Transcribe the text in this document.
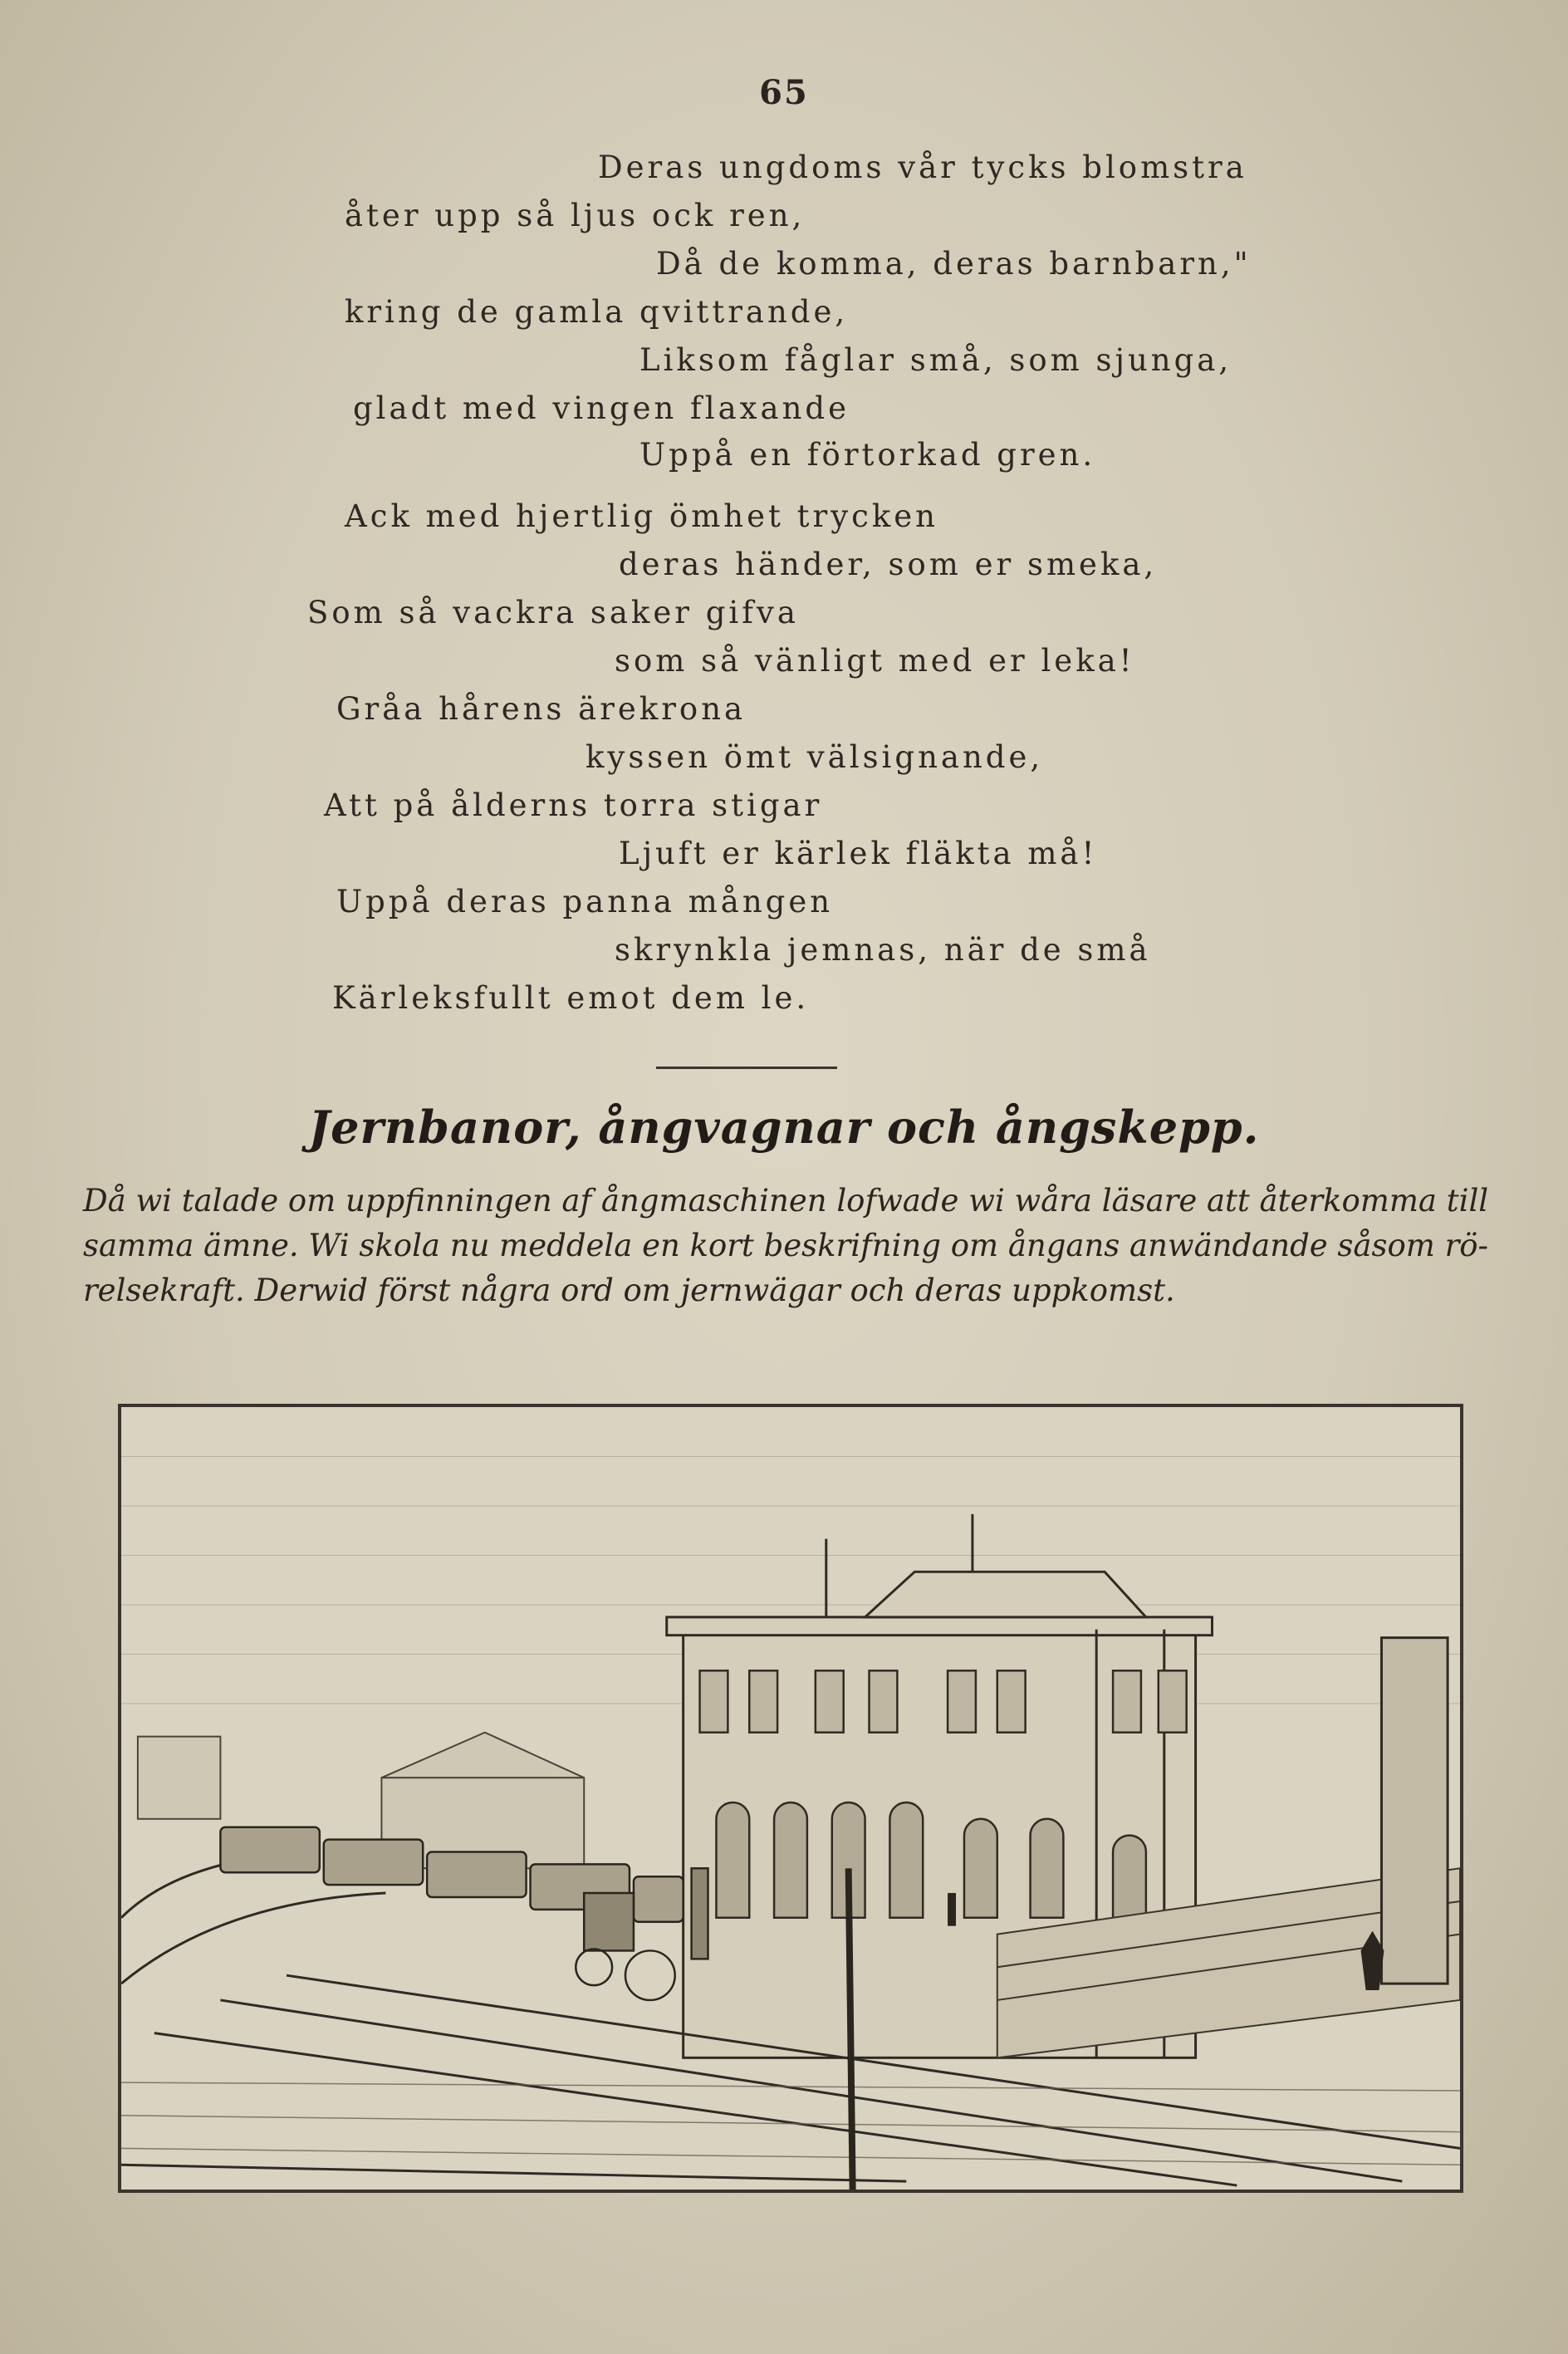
65
Deras ungdoms vår tycks blomstra
åter upp så ljus ock ren,
Då de komma, deras barnbarn,"
kring de gamla qvittrande,
Liksom fåglar små, som sjunga,
gladt med vingen flaxande
Uppå en förtorkad gren.
Ack med hjertlig ömhet trycken
deras händer, som er smeka,
Som så vackra saker gifva
som så vänligt med er leka!
Gråa hårens ärekrona
kyssen ömt välsignande,
Att på ålderns torra stigar
Ljuft er kärlek fläkta må!
Uppå deras panna mången
skrynkla jemnas, när de små
Kärleksfullt emot dem le.
Jernbanor, ångvagnar och ångskepp.
Då wi talade om uppfinningen af ångmaschinen lofwade wi wåra läsare att återkomma till
samma ämne. Wi skola nu meddela en kort beskrifning om ångans anwändande såsom rö-
relsekraft. Derwid först några ord om jernwägar och deras uppkomst.
